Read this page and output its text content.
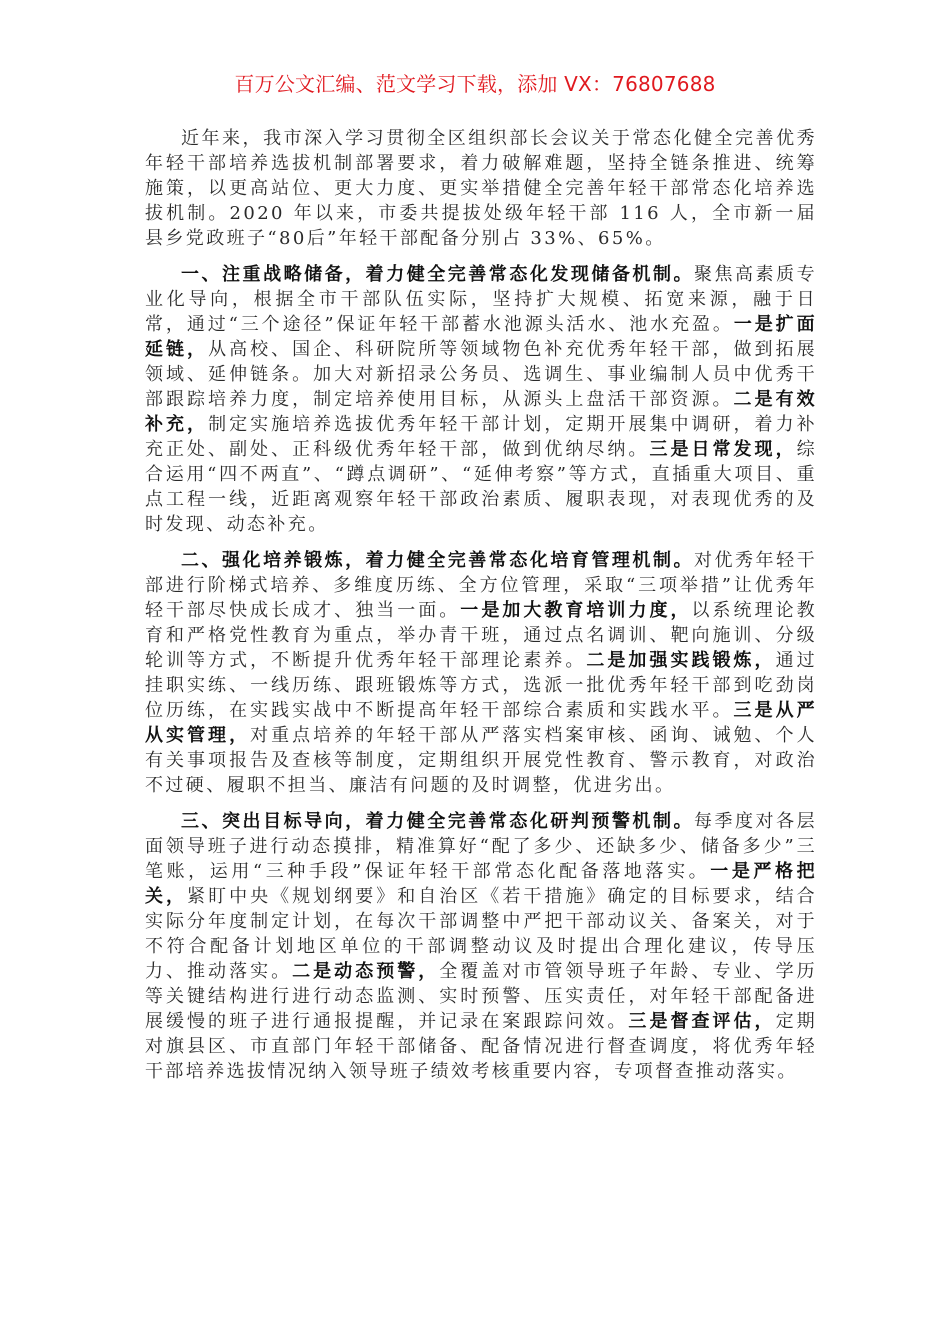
百万公文汇编、范文学习下载，添加 VX：76807688

近年来，我市深入学习贯彻全区组织部长会议关于常态化健全完善优秀年轻干部培养选拔机制部署要求，着力破解难题，坚持全链条推进、统筹施策，以更高站位、更大力度、更实举措健全完善年轻干部常态化培养选拔机制。2020 年以来，市委共提拔处级年轻干部 116 人，全市新一届县乡党政班子“80后”年轻干部配备分别占 33%、65%。

一、注重战略储备，着力健全完善常态化发现储备机制。聚焦高素质专业化导向，根据全市干部队伍实际，坚持扩大规模、拓宽来源，融于日常，通过“三个途径”保证年轻干部蓄水池源头活水、池水充盈。一是扩面延链，从高校、国企、科研院所等领域物色补充优秀年轻干部，做到拓展领域、延伸链条。加大对新招录公务员、选调生、事业编制人员中优秀干部跟踪培养力度，制定培养使用目标，从源头上盘活干部资源。二是有效补充，制定实施培养选拔优秀年轻干部计划，定期开展集中调研，着力补充正处、副处、正科级优秀年轻干部，做到优纳尽纳。三是日常发现，综合运用“四不两直”、“蹲点调研”、“延伸考察”等方式，直插重大项目、重点工程一线，近距离观察年轻干部政治素质、履职表现，对表现优秀的及时发现、动态补充。

二、强化培养锻炼，着力健全完善常态化培育管理机制。对优秀年轻干部进行阶梯式培养、多维度历练、全方位管理，采取“三项举措”让优秀年轻干部尽快成长成才、独当一面。一是加大教育培训力度，以系统理论教育和严格党性教育为重点，举办青干班，通过点名调训、靶向施训、分级轮训等方式，不断提升优秀年轻干部理论素养。二是加强实践锻炼，通过挂职实练、一线历练、跟班锻炼等方式，选派一批优秀年轻干部到吃劲岗位历练，在实践实战中不断提高年轻干部综合素质和实践水平。三是从严从实管理，对重点培养的年轻干部从严落实档案审核、函询、诫勉、个人有关事项报告及查核等制度，定期组织开展党性教育、警示教育，对政治不过硬、履职不担当、廉洁有问题的及时调整，优进劣出。

三、突出目标导向，着力健全完善常态化研判预警机制。每季度对各层面领导班子进行动态摸排，精准算好“配了多少、还缺多少、储备多少”三笔账，运用“三种手段”保证年轻干部常态化配备落地落实。一是严格把关，紧盯中央《规划纲要》和自治区《若干措施》确定的目标要求，结合实际分年度制定计划，在每次干部调整中严把干部动议关、备案关，对于不符合配备计划地区单位的干部调整动议及时提出合理化建议，传导压力、推动落实。二是动态预警，全覆盖对市管领导班子年龄、专业、学历等关键结构进行进行动态监测、实时预警、压实责任，对年轻干部配备进展缓慢的班子进行通报提醒，并记录在案跟踪问效。三是督查评估，定期对旗县区、市直部门年轻干部储备、配备情况进行督查调度，将优秀年轻干部培养选拔情况纳入领导班子绩效考核重要内容，专项督查推动落实。
